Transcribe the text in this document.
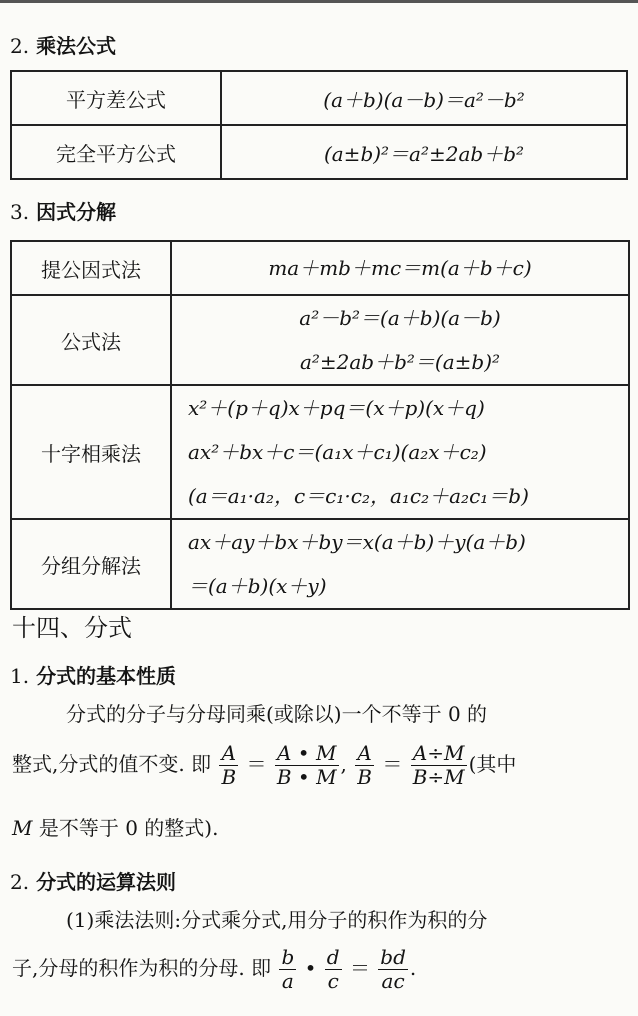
2. 乘法公式
平方差公式	(a＋b)(a－b)＝a²－b²
完全平方公式	(a±b)²＝a²±2ab＋b²
3. 因式分解
提公因式法	ma＋mb＋mc＝m(a＋b＋c)

公式法	a²－b²＝(a＋b)(a－b)
a²±2ab＋b²＝(a±b)²

十字相乘法	x²＋(p＋q)x＋pq＝(x＋p)(x＋q)
ax²＋bx＋c＝(a₁x＋c₁)(a₂x＋c₂)
(a＝a₁·a₂，c＝c₁·c₂，a₁c₂＋a₂c₁＝b)

分组分解法	ax＋ay＋bx＋by＝x(a＋b)＋y(a＋b)
＝(a＋b)(x＋y)
十四、分式
1. 分式的基本性质
分式的分子与分母同乘(或除以)一个不等于 0 的
整式,分式的值不变. 即 $\frac{A}{B} = \frac{A • M}{B • M}$ , $\frac{A}{B} = \frac{A\div M}{B\div M}$ (其中
M 是不等于 0 的整式).
2. 分式的运算法则
(1)乘法法则:分式乘分式,用分子的积作为积的分
子,分母的积作为积的分母. 即 $\frac{b}{a}$ • $\frac{d}{c} = \frac{bd}{ac}$ .
